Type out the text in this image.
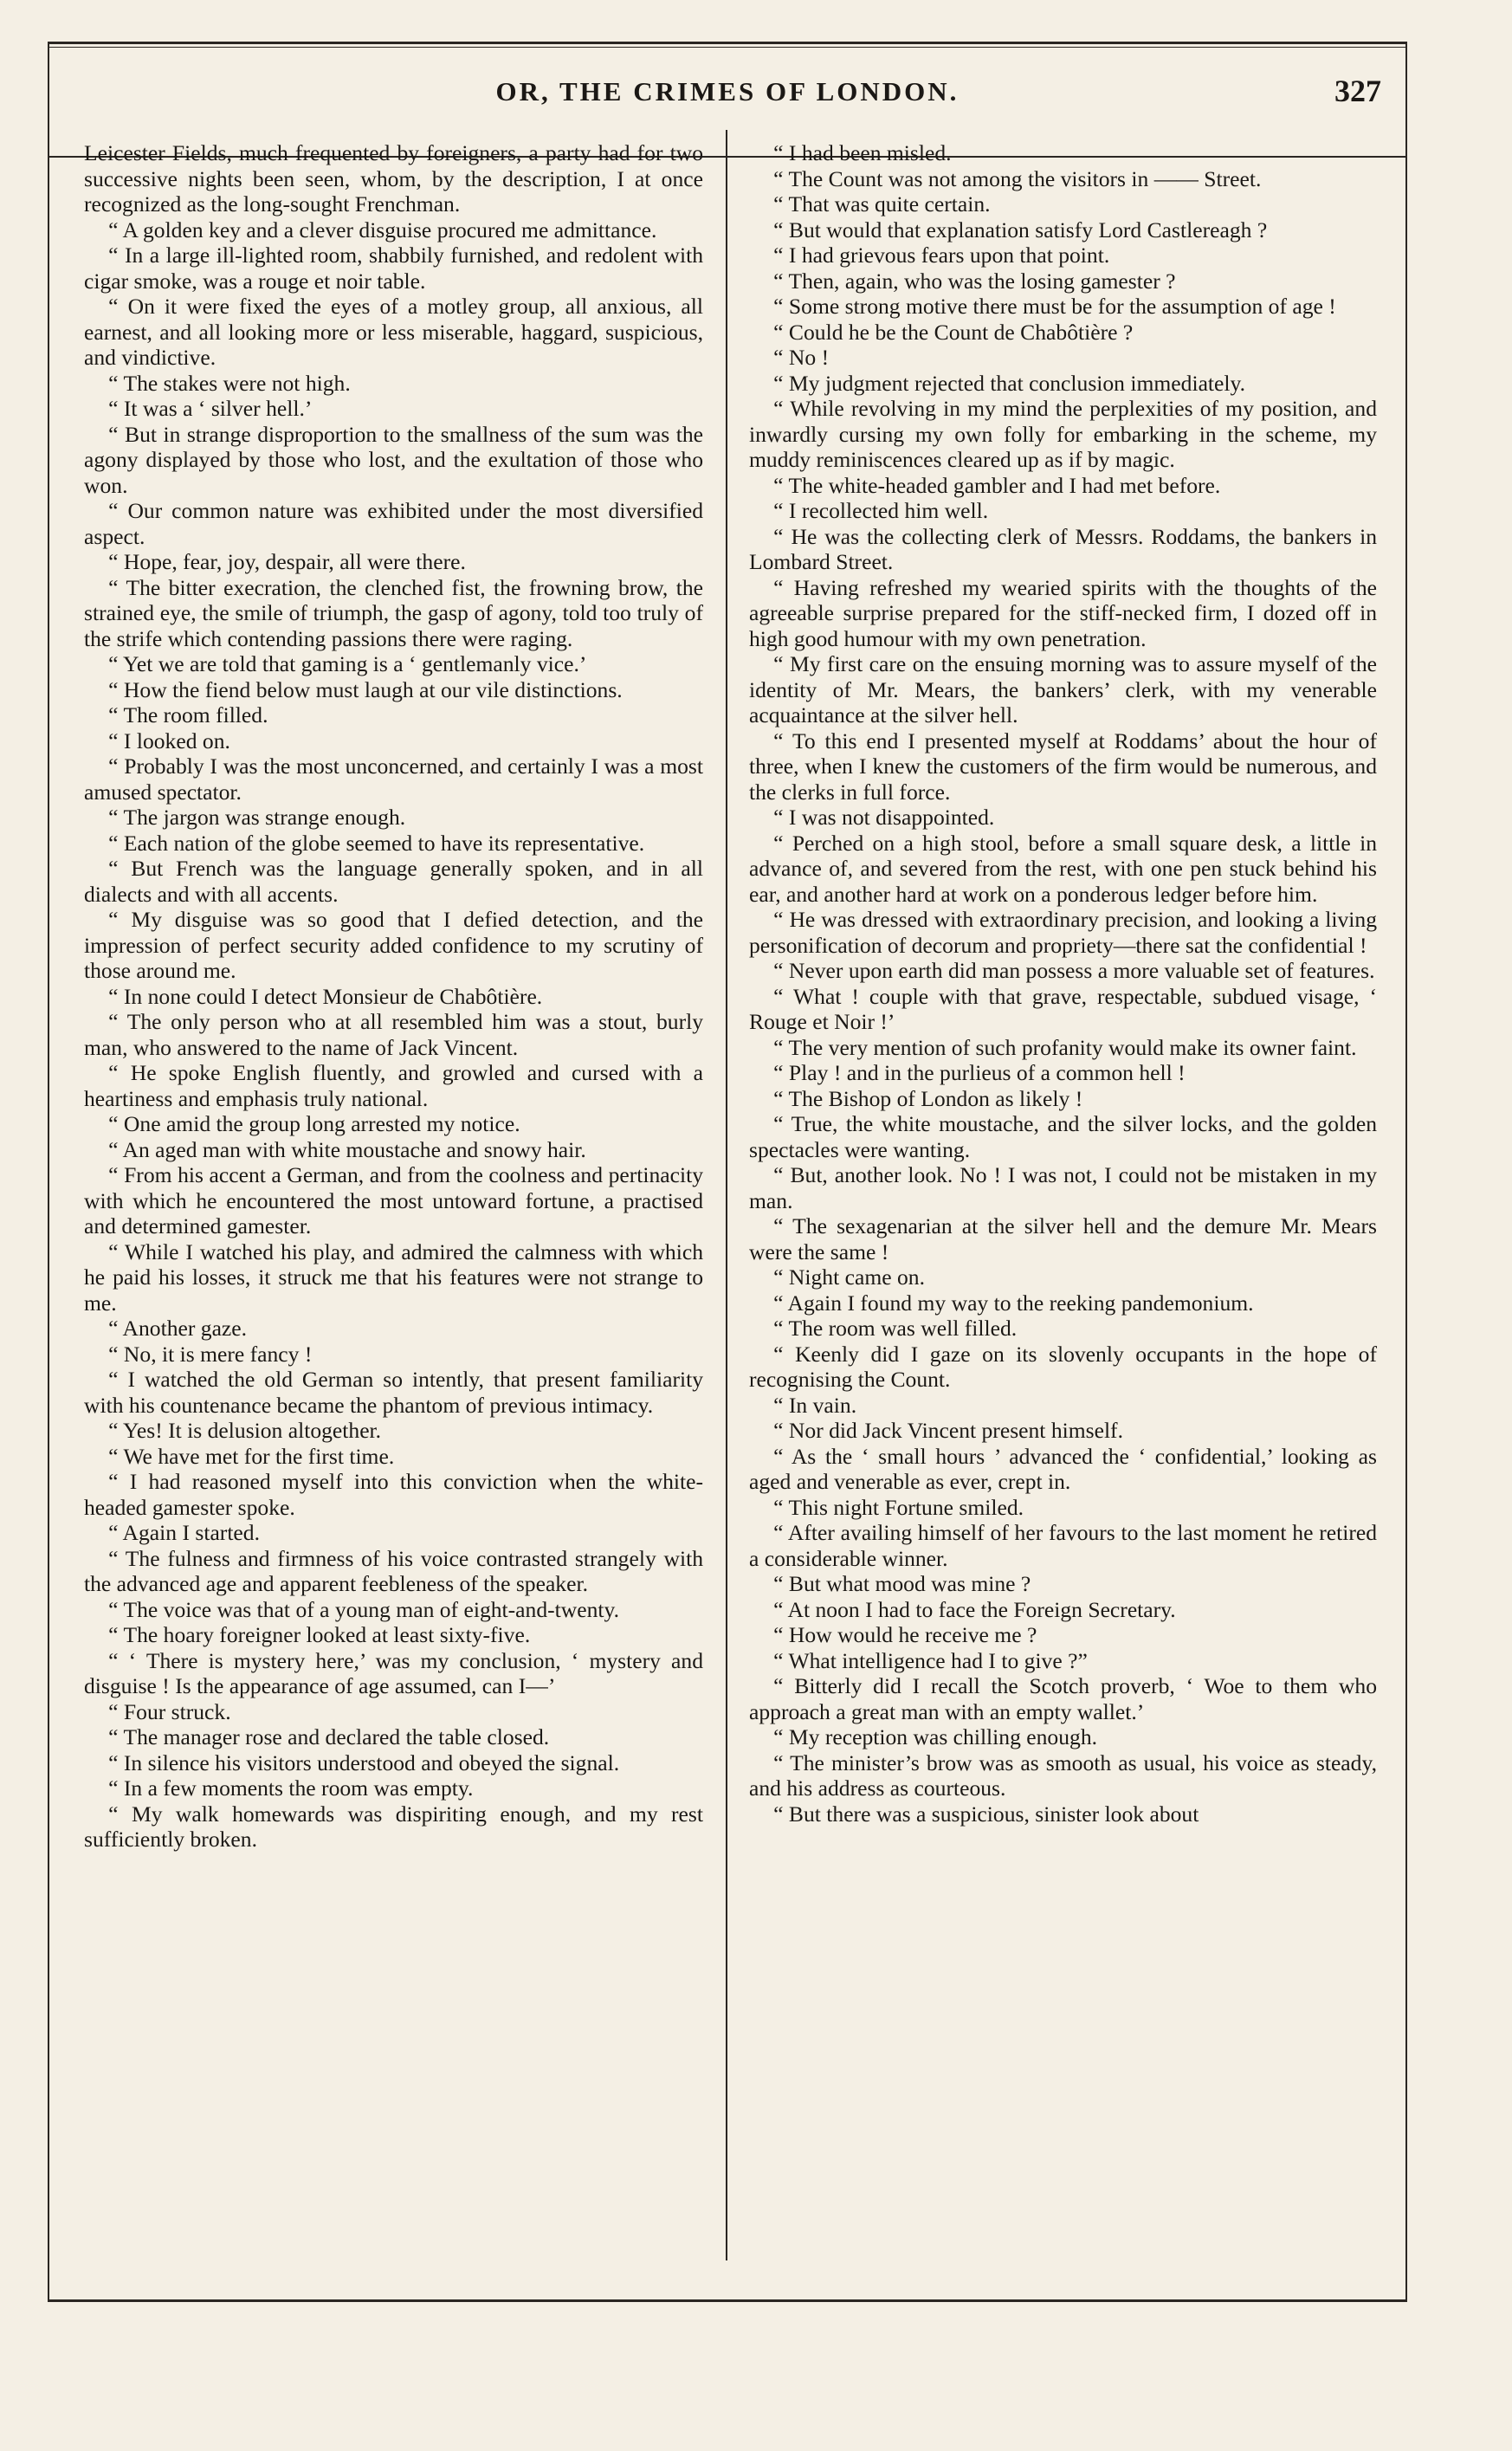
OR, THE CRIMES OF LONDON.	327

Leicester Fields, much frequented by foreigners, a party had for two successive nights been seen, whom, by the description, I at once recognized as the long-sought Frenchman.

“ A golden key and a clever disguise procured me admittance.

“ In a large ill-lighted room, shabbily furnished, and redolent with cigar smoke, was a rouge et noir table.

“ On it were fixed the eyes of a motley group, all anxious, all earnest, and all looking more or less miserable, haggard, suspicious, and vindictive.

“ The stakes were not high.

“ It was a ‘ silver hell.’

“ But in strange disproportion to the smallness of the sum was the agony displayed by those who lost, and the exultation of those who won.

“ Our common nature was exhibited under the most diversified aspect.

“ Hope, fear, joy, despair, all were there.

“ The bitter execration, the clenched fist, the frowning brow, the strained eye, the smile of triumph, the gasp of agony, told too truly of the strife which contending passions there were raging.

“ Yet we are told that gaming is a ‘ gentlemanly vice.’

“ How the fiend below must laugh at our vile distinctions.

“ The room filled.

“ I looked on.

“ Probably I was the most unconcerned, and certainly I was a most amused spectator.

“ The jargon was strange enough.

“ Each nation of the globe seemed to have its representative.

“ But French was the language generally spoken, and in all dialects and with all accents.

“ My disguise was so good that I defied detection, and the impression of perfect security added confidence to my scrutiny of those around me.

“ In none could I detect Monsieur de Chabôtière.

“ The only person who at all resembled him was a stout, burly man, who answered to the name of Jack Vincent.

“ He spoke English fluently, and growled and cursed with a heartiness and emphasis truly national.

“ One amid the group long arrested my notice.

“ An aged man with white moustache and snowy hair.

“ From his accent a German, and from the coolness and pertinacity with which he encountered the most untoward fortune, a practised and determined gamester.

“ While I watched his play, and admired the calmness with which he paid his losses, it struck me that his features were not strange to me.

“ Another gaze.

“ No, it is mere fancy !

“ I watched the old German so intently, that present familiarity with his countenance became the phantom of previous intimacy.

“ Yes! It is delusion altogether.

“ We have met for the first time.

“ I had reasoned myself into this conviction when the white-headed gamester spoke.

“ Again I started.

“ The fulness and firmness of his voice contrasted strangely with the advanced age and apparent feebleness of the speaker.

“ The voice was that of a young man of eight-and-twenty.

“ The hoary foreigner looked at least sixty-five.

“ ‘ There is mystery here,’ was my conclusion, ‘ mystery and disguise ! Is the appearance of age assumed, can I—’

“ Four struck.

“ The manager rose and declared the table closed.

“ In silence his visitors understood and obeyed the signal.

“ In a few moments the room was empty.

“ My walk homewards was dispiriting enough, and my rest sufficiently broken.

“ I had been misled.

“ The Count was not among the visitors in —— Street.

“ That was quite certain.

“ But would that explanation satisfy Lord Castlereagh ?

“ I had grievous fears upon that point.

“ Then, again, who was the losing gamester ?

“ Some strong motive there must be for the assumption of age !

“ Could he be the Count de Chabôtière ?

“ No !

“ My judgment rejected that conclusion immediately.

“ While revolving in my mind the perplexities of my position, and inwardly cursing my own folly for embarking in the scheme, my muddy reminiscences cleared up as if by magic.

“ The white-headed gambler and I had met before.

“ I recollected him well.

“ He was the collecting clerk of Messrs. Roddams, the bankers in Lombard Street.

“ Having refreshed my wearied spirits with the thoughts of the agreeable surprise prepared for the stiff-necked firm, I dozed off in high good humour with my own penetration.

“ My first care on the ensuing morning was to assure myself of the identity of Mr. Mears, the bankers’ clerk, with my venerable acquaintance at the silver hell.

“ To this end I presented myself at Roddams’ about the hour of three, when I knew the customers of the firm would be numerous, and the clerks in full force.

“ I was not disappointed.

“ Perched on a high stool, before a small square desk, a little in advance of, and severed from the rest, with one pen stuck behind his ear, and another hard at work on a ponderous ledger before him.

“ He was dressed with extraordinary precision, and looking a living personification of decorum and propriety—there sat the confidential !

“ Never upon earth did man possess a more valuable set of features.

“ What ! couple with that grave, respectable, subdued visage, ‘ Rouge et Noir !’

“ The very mention of such profanity would make its owner faint.

“ Play ! and in the purlieus of a common hell !

“ The Bishop of London as likely !

“ True, the white moustache, and the silver locks, and the golden spectacles were wanting.

“ But, another look. No ! I was not, I could not be mistaken in my man.

“ The sexagenarian at the silver hell and the demure Mr. Mears were the same !

“ Night came on.

“ Again I found my way to the reeking pandemonium.

“ The room was well filled.

“ Keenly did I gaze on its slovenly occupants in the hope of recognising the Count.

“ In vain.

“ Nor did Jack Vincent present himself.

“ As the ‘ small hours ’ advanced the ‘ confidential,’ looking as aged and venerable as ever, crept in.

“ This night Fortune smiled.

“ After availing himself of her favours to the last moment he retired a considerable winner.

“ But what mood was mine ?

“ At noon I had to face the Foreign Secretary.

“ How would he receive me ?

“ What intelligence had I to give ?”

“ Bitterly did I recall the Scotch proverb, ‘ Woe to them who approach a great man with an empty wallet.’

“ My reception was chilling enough.

“ The minister’s brow was as smooth as usual, his voice as steady, and his address as courteous.

“ But there was a suspicious, sinister look about
